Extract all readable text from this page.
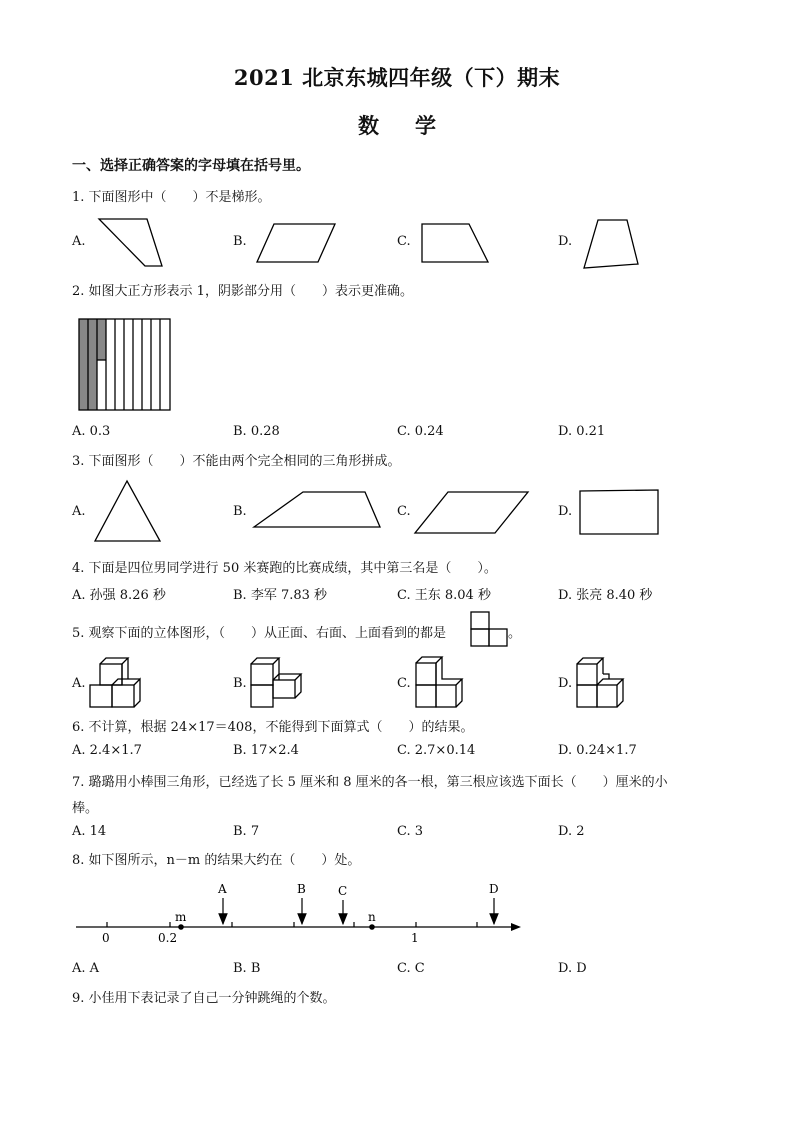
2021 北京东城四年级（下）期末
数学
一、选择正确答案的字母填在括号里。
1. 下面图形中（　　）不是梯形。
A.	B.	C.	D.
2. 如图大正方形表示 1，阴影部分用（　　）表示更准确。
A. 0.3	B. 0.28	C. 0.24	D. 0.21
3. 下面图形（　　）不能由两个完全相同的三角形拼成。
A.	B.	C.	D.
4. 下面是四位男同学进行 50 米赛跑的比赛成绩，其中第三名是（　　）。
A. 孙强 8.26 秒	B. 李军 7.83 秒	C. 王东 8.04 秒	D. 张亮 8.40 秒
5. 观察下面的立体图形，（　　）从正面、右面、上面看到的都是	。
A.	B.	C.	D.
6. 不计算，根据 24×17＝408，不能得到下面算式（　　）的结果。
A. 2.4×1.7	B. 17×2.4	C. 2.7×0.14	D. 0.24×1.7
7. 璐璐用小棒围三角形，已经选了长 5 厘米和 8 厘米的各一根，第三根应该选下面长（　　）厘米的小
棒。
A. 14	B. 7	C. 3	D. 2
8. 如下图所示，n－m 的结果大约在（　　）处。
0	0.2	1
m	n
A	B	C	D
A. A	B. B	C. C	D. D
9. 小佳用下表记录了自己一分钟跳绳的个数。
